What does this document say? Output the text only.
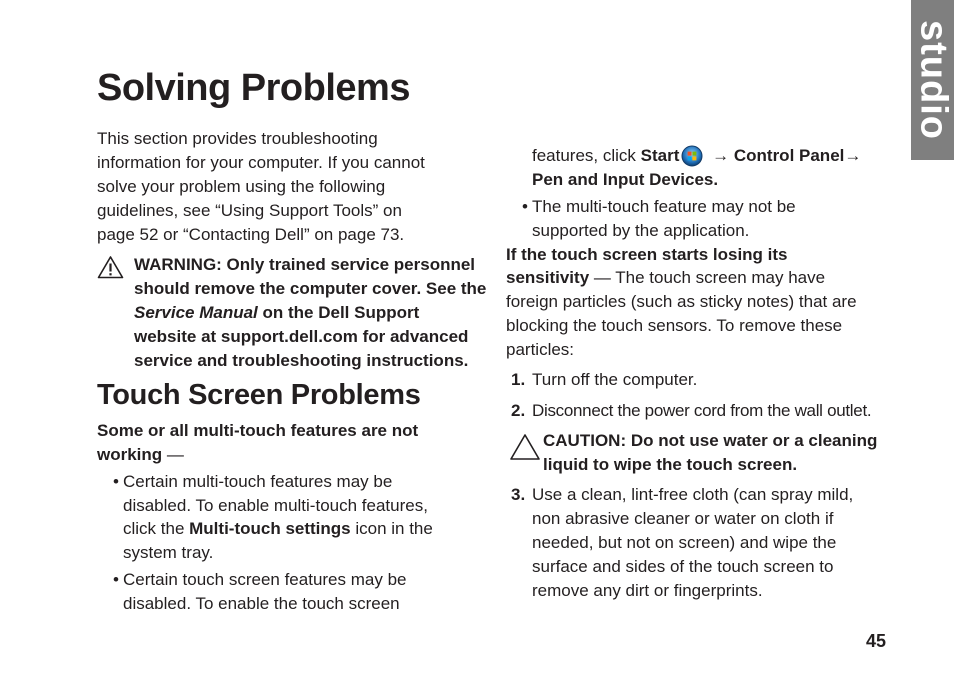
studio
Solving Problems
This section provides troubleshooting
information for your computer. If you cannot
solve your problem using the following
guidelines, see “Using Support Tools” on
page 52 or “Contacting Dell” on page 73.
WARNING: Only trained service personnel
should remove the computer cover. See the
Service Manual on the Dell Support
website at support.dell.com for advanced
service and troubleshooting instructions.
Touch Screen Problems
Some or all multi-touch features are not
working —
• Certain multi-touch features may be
disabled. To enable multi-touch features,
click the Multi-touch settings icon in the
system tray.
• Certain touch screen features may be
disabled. To enable the touch screen
features, click Start → Control Panel→
Pen and Input Devices.
• The multi-touch feature may not be
supported by the application.
If the touch screen starts losing its
sensitivity — The touch screen may have
foreign particles (such as sticky notes) that are
blocking the touch sensors. To remove these
particles:
1. Turn off the computer.
2. Disconnect the power cord from the wall outlet.
CAUTION: Do not use water or a cleaning
liquid to wipe the touch screen.
3. Use a clean, lint-free cloth (can spray mild,
non abrasive cleaner or water on cloth if
needed, but not on screen) and wipe the
surface and sides of the touch screen to
remove any dirt or fingerprints.
45
